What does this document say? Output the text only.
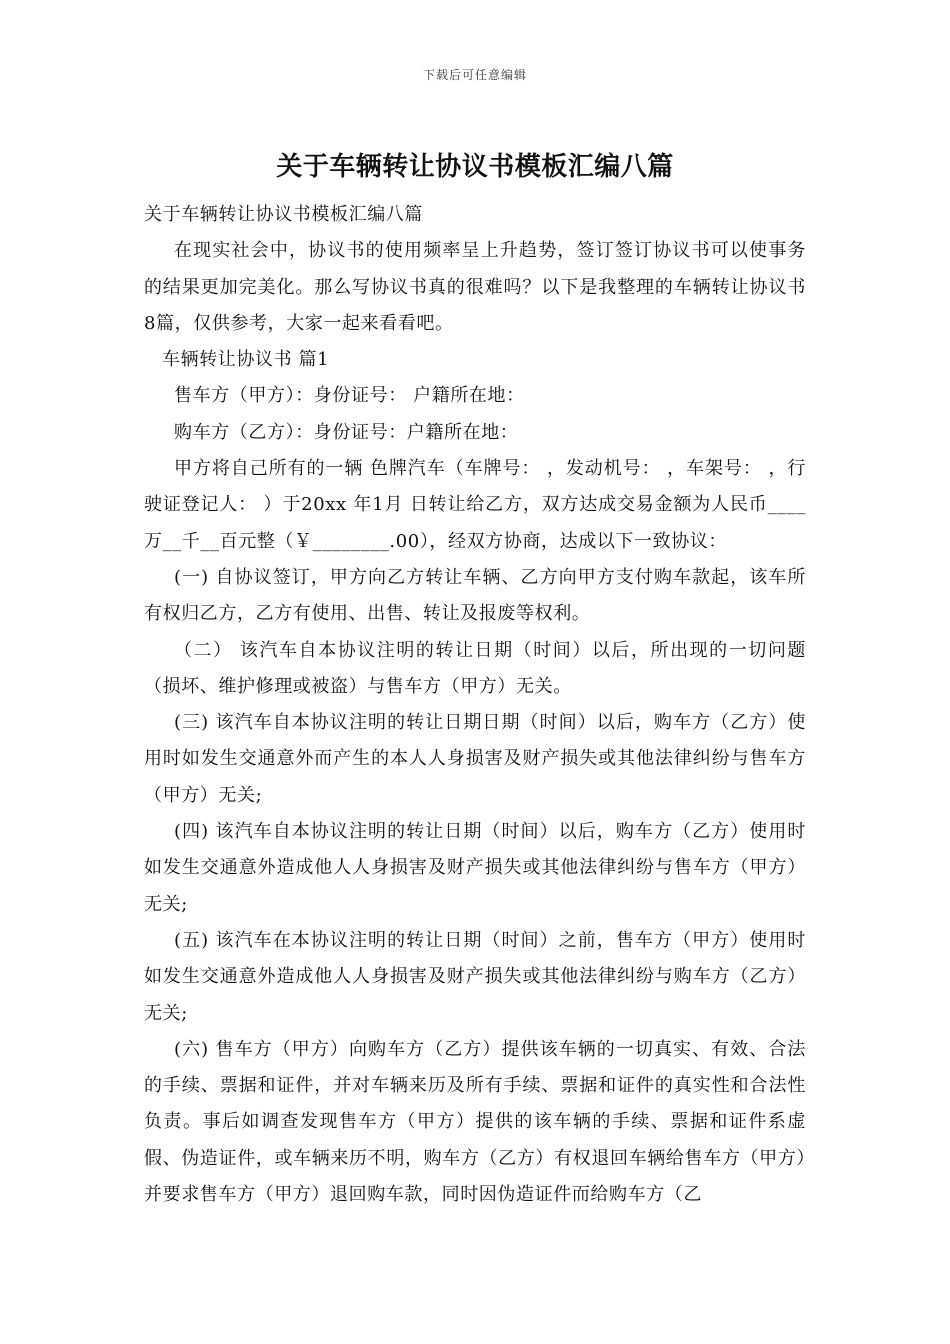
下载后可任意编辑
关于车辆转让协议书模板汇编八篇

关于车辆转让协议书模板汇编八篇

在现实社会中，协议书的使用频率呈上升趋势，签订签订协议书可以使事务的结果更加完美化。那么写协议书真的很难吗？以下是我整理的车辆转让协议书8篇，仅供参考，大家一起来看看吧。

车辆转让协议书 篇1

售车方（甲方）：身份证号： 户籍所在地：

购车方（乙方）：身份证号：户籍所在地：

甲方将自己所有的一辆 色牌汽车（车牌号： ，发动机号： ，车架号： ，行驶证登记人： ）于20xx 年1月 日转让给乙方，双方达成交易金额为人民币____万__千__百元整（￥________.00），经双方协商，达成以下一致协议：

(一) 自协议签订，甲方向乙方转让车辆、乙方向甲方支付购车款起，该车所有权归乙方，乙方有使用、出售、转让及报废等权利。

（二） 该汽车自本协议注明的转让日期（时间）以后，所出现的一切问题（损坏、维护修理或被盗）与售车方（甲方）无关。

(三) 该汽车自本协议注明的转让日期日期（时间）以后，购车方（乙方）使用时如发生交通意外而产生的本人人身损害及财产损失或其他法律纠纷与售车方（甲方）无关;

(四) 该汽车自本协议注明的转让日期（时间）以后，购车方（乙方）使用时如发生交通意外造成他人人身损害及财产损失或其他法律纠纷与售车方（甲方）无关;

(五) 该汽车在本协议注明的转让日期（时间）之前，售车方（甲方）使用时如发生交通意外造成他人人身损害及财产损失或其他法律纠纷与购车方（乙方）无关;

(六) 售车方（甲方）向购车方（乙方）提供该车辆的一切真实、有效、合法的手续、票据和证件，并对车辆来历及所有手续、票据和证件的真实性和合法性负责。事后如调查发现售车方（甲方）提供的该车辆的手续、票据和证件系虚假、伪造证件，或车辆来历不明，购车方（乙方）有权退回车辆给售车方（甲方）并要求售车方（甲方）退回购车款，同时因伪造证件而给购车方（乙
